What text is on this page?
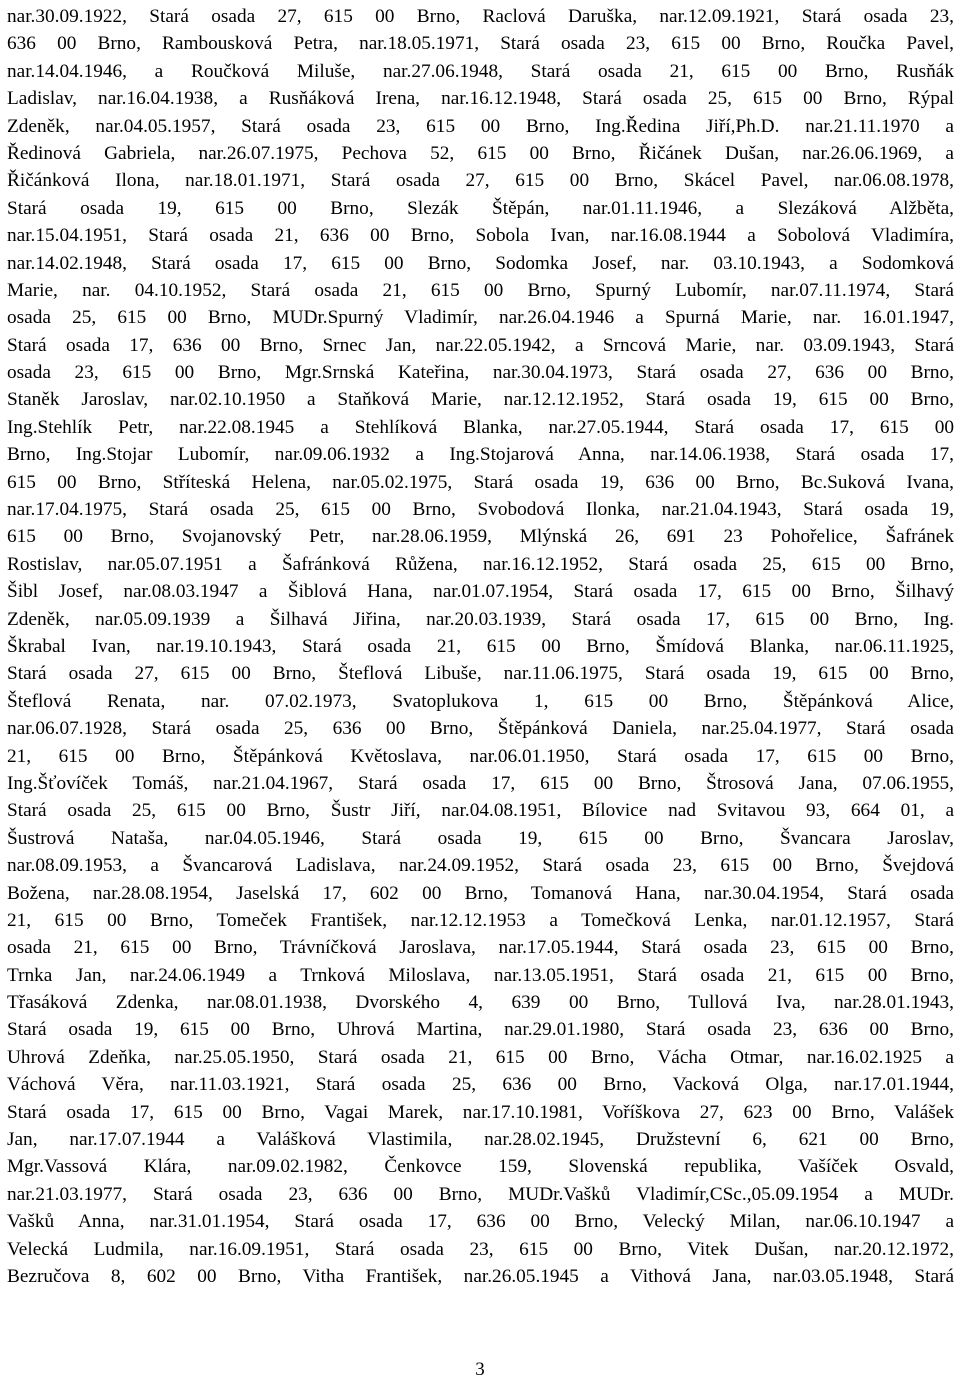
nar.30.09.1922, Stará osada 27, 615 00 Brno, Raclová Daruška, nar.12.09.1921, Stará osada 23,
636 00 Brno, Rambousková Petra, nar.18.05.1971, Stará osada 23, 615 00 Brno, Roučka Pavel,
nar.14.04.1946, a Roučková Miluše, nar.27.06.1948, Stará osada 21, 615 00 Brno, Rusňák
Ladislav, nar.16.04.1938, a Rusňáková Irena, nar.16.12.1948, Stará osada 25, 615 00 Brno, Rýpal
Zdeněk, nar.04.05.1957, Stará osada 23, 615 00 Brno, Ing.Ředina Jiří,Ph.D. nar.21.11.1970 a
Ředinová Gabriela, nar.26.07.1975, Pechova 52, 615 00 Brno, Řičánek Dušan, nar.26.06.1969, a
Řičánková Ilona, nar.18.01.1971, Stará osada 27, 615 00 Brno, Skácel Pavel, nar.06.08.1978,
Stará osada 19, 615 00 Brno, Slezák Štěpán, nar.01.11.1946, a Slezáková Alžběta,
nar.15.04.1951, Stará osada 21, 636 00 Brno, Sobola Ivan, nar.16.08.1944 a Sobolová Vladimíra,
nar.14.02.1948, Stará osada 17, 615 00 Brno, Sodomka Josef, nar. 03.10.1943, a Sodomková
Marie, nar. 04.10.1952, Stará osada 21, 615 00 Brno, Spurný Lubomír, nar.07.11.1974, Stará
osada 25, 615 00 Brno, MUDr.Spurný Vladimír, nar.26.04.1946 a Spurná Marie, nar. 16.01.1947,
Stará osada 17, 636 00 Brno, Srnec Jan, nar.22.05.1942, a Srncová Marie, nar. 03.09.1943, Stará
osada 23, 615 00 Brno, Mgr.Srnská Kateřina, nar.30.04.1973, Stará osada 27, 636 00 Brno,
Staněk Jaroslav, nar.02.10.1950 a Staňková Marie, nar.12.12.1952, Stará osada 19, 615 00 Brno,
Ing.Stehlík Petr, nar.22.08.1945 a Stehlíková Blanka, nar.27.05.1944, Stará osada 17, 615 00
Brno, Ing.Stojar Lubomír, nar.09.06.1932 a Ing.Stojarová Anna, nar.14.06.1938, Stará osada 17,
615 00 Brno, Stříteská Helena, nar.05.02.1975, Stará osada 19, 636 00 Brno, Bc.Suková Ivana,
nar.17.04.1975, Stará osada 25, 615 00 Brno, Svobodová Ilonka, nar.21.04.1943, Stará osada 19,
615 00 Brno, Svojanovský Petr, nar.28.06.1959, Mlýnská 26, 691 23 Pohořelice, Šafránek
Rostislav, nar.05.07.1951 a Šafránková Růžena, nar.16.12.1952, Stará osada 25, 615 00 Brno,
Šibl Josef, nar.08.03.1947 a Šiblová Hana, nar.01.07.1954, Stará osada 17, 615 00 Brno, Šilhavý
Zdeněk, nar.05.09.1939 a Šilhavá Jiřina, nar.20.03.1939, Stará osada 17, 615 00 Brno, Ing.
Škrabal Ivan, nar.19.10.1943, Stará osada 21, 615 00 Brno, Šmídová Blanka, nar.06.11.1925,
Stará osada 27, 615 00 Brno, Šteflová Libuše, nar.11.06.1975, Stará osada 19, 615 00 Brno,
Šteflová Renata, nar. 07.02.1973, Svatoplukova 1, 615 00 Brno, Štěpánková Alice,
nar.06.07.1928, Stará osada 25, 636 00 Brno, Štěpánková Daniela, nar.25.04.1977, Stará osada
21, 615 00 Brno, Štěpánková Květoslava, nar.06.01.1950, Stará osada 17, 615 00 Brno,
Ing.Šťovíček Tomáš, nar.21.04.1967, Stará osada 17, 615 00 Brno, Štrosová Jana, 07.06.1955,
Stará osada 25, 615 00 Brno, Šustr Jiří, nar.04.08.1951, Bílovice nad Svitavou 93, 664 01, a
Šustrová Nataša, nar.04.05.1946, Stará osada 19, 615 00 Brno, Švancara Jaroslav,
nar.08.09.1953, a Švancarová Ladislava, nar.24.09.1952, Stará osada 23, 615 00 Brno, Švejdová
Božena, nar.28.08.1954, Jaselská 17, 602 00 Brno, Tomanová Hana, nar.30.04.1954, Stará osada
21, 615 00 Brno, Tomeček František, nar.12.12.1953 a Tomečková Lenka, nar.01.12.1957, Stará
osada 21, 615 00 Brno, Trávníčková Jaroslava, nar.17.05.1944, Stará osada 23, 615 00 Brno,
Trnka Jan, nar.24.06.1949 a Trnková Miloslava, nar.13.05.1951, Stará osada 21, 615 00 Brno,
Třasáková Zdenka, nar.08.01.1938, Dvorského 4, 639 00 Brno, Tullová Iva, nar.28.01.1943,
Stará osada 19, 615 00 Brno, Uhrová Martina, nar.29.01.1980, Stará osada 23, 636 00 Brno,
Uhrová Zdeňka, nar.25.05.1950, Stará osada 21, 615 00 Brno, Vácha Otmar, nar.16.02.1925 a
Váchová Věra, nar.11.03.1921, Stará osada 25, 636 00 Brno, Vacková Olga, nar.17.01.1944,
Stará osada 17, 615 00 Brno, Vagai Marek, nar.17.10.1981, Voříškova 27, 623 00 Brno, Valášek
Jan, nar.17.07.1944 a Valášková Vlastimila, nar.28.02.1945, Družstevní 6, 621 00 Brno,
Mgr.Vassová Klára, nar.09.02.1982, Čenkovce 159, Slovenská republika, Vašíček Osvald,
nar.21.03.1977, Stará osada 23, 636 00 Brno, MUDr.Vašků Vladimír,CSc.,05.09.1954 a MUDr.
Vašků Anna, nar.31.01.1954, Stará osada 17, 636 00 Brno, Velecký Milan, nar.06.10.1947 a
Velecká Ludmila, nar.16.09.1951, Stará osada 23, 615 00 Brno, Vitek Dušan, nar.20.12.1972,
Bezručova 8, 602 00 Brno, Vitha František, nar.26.05.1945 a Vithová Jana, nar.03.05.1948, Stará
3
